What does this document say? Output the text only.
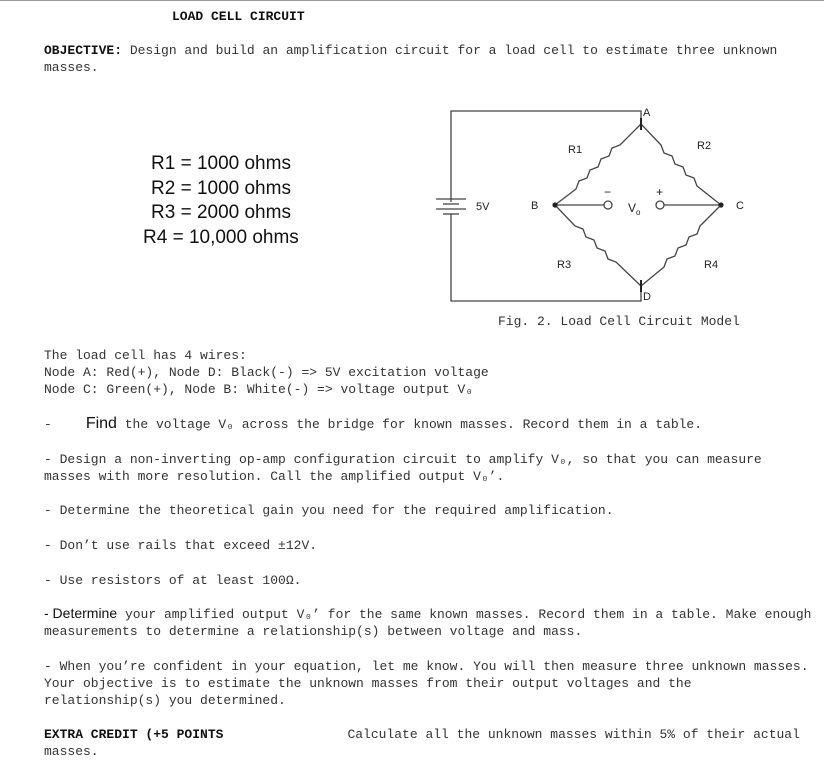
LOAD CELL CIRCUIT
OBJECTIVE: Design and build an amplification circuit for a load cell to estimate three unknown masses.
R1 = 1000 ohms
R2 = 1000 ohms
R3 = 2000 ohms
R4 = 10,000 ohms
5V	B	C
A
D
R1	R2
R3	R4
V o
−	+
Fig. 2. Load Cell Circuit Model
The load cell has 4 wires:
Node A: Red(+), Node D: Black(-) => 5V excitation voltage
Node C: Green(+), Node B: White(-) => voltage output V₀
- Find the voltage V₀ across the bridge for known masses. Record them in a table.
- Design a non-inverting op-amp configuration circuit to amplify V₀, so that you can measure masses with more resolution. Call the amplified output V₀’.
- Determine the theoretical gain you need for the required amplification.
- Don’t use rails that exceed ±12V.
- Use resistors of at least 100Ω.
- Determine your amplified output V₀’ for the same known masses. Record them in a table. Make enough measurements to determine a relationship(s) between voltage and mass.
- When you’re confident in your equation, let me know. You will then measure three unknown masses. Your objective is to estimate the unknown masses from their output voltages and the relationship(s) you determined.
EXTRA CREDIT (+5 POINTS	Calculate all the unknown masses within 5% of their actual masses.
